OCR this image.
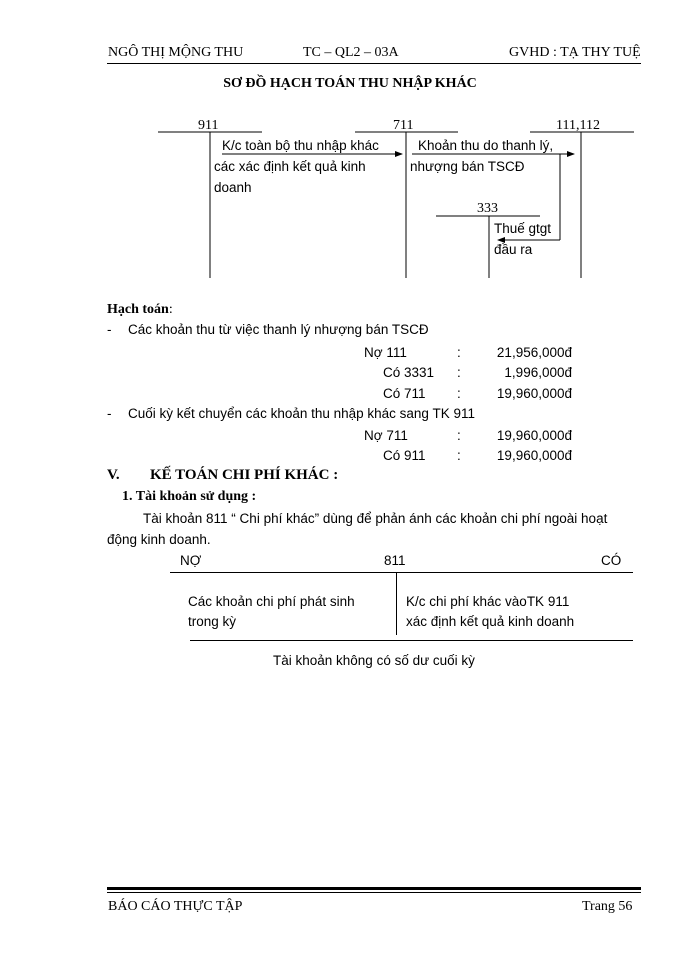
NGÔ THỊ MỘNG THU	TC – QL2 – 03A	GVHD : TẠ THY TUỆ
SƠ ĐỒ HẠCH TOÁN THU NHẬP KHÁC
911	711	111,112
333
K/c toàn bộ thu nhập khác
các xác định kết quả kinh
doanh
Khoản thu do thanh lý,
nhượng bán TSCĐ
Thuế gtgt
đầu ra
Hạch toán:
- Các khoản thu từ việc thanh lý nhượng bán TSCĐ
Nợ 111	:	21,956,000đ
Có 3331 :	1,996,000đ
Có 711 :	19,960,000đ
- Cuối kỳ kết chuyển các khoản thu nhập khác sang TK 911
Nợ 711	:	19,960,000đ
Có 911 :	19,960,000đ
V. KẾ TOÁN CHI PHÍ KHÁC :
1. Tài khoản sử dụng :
Tài khoản 811 “ Chi phí khác” dùng để phản ánh các khoản chi phí ngoài hoạt
động kinh doanh.
NỢ	811	CÓ
Các khoản chi phí phát sinh
trong kỳ
K/c chi phí khác vàoTK 911
xác định kết quả kinh doanh
Tài khoản không có số dư cuối kỳ
BÁO CÁO THỰC TẬP	Trang 56
